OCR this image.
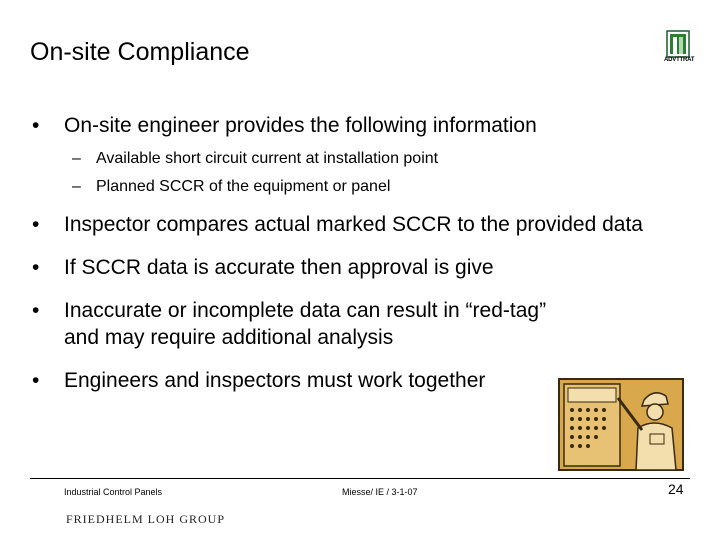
On-site Compliance	ADVTTRAT
• On-site engineer provides the following information
– Available short circuit current at installation point
– Planned SCCR of the equipment or panel
• Inspector compares actual marked SCCR to the provided data
• If SCCR data is accurate then approval is give
• Inaccurate or incomplete data can result in “red-tag” and may require additional analysis
• Engineers and inspectors must work together
Industrial Control Panels	Miesse/ IE / 3-1-07	24
FRIEDHELM LOH GROUP
